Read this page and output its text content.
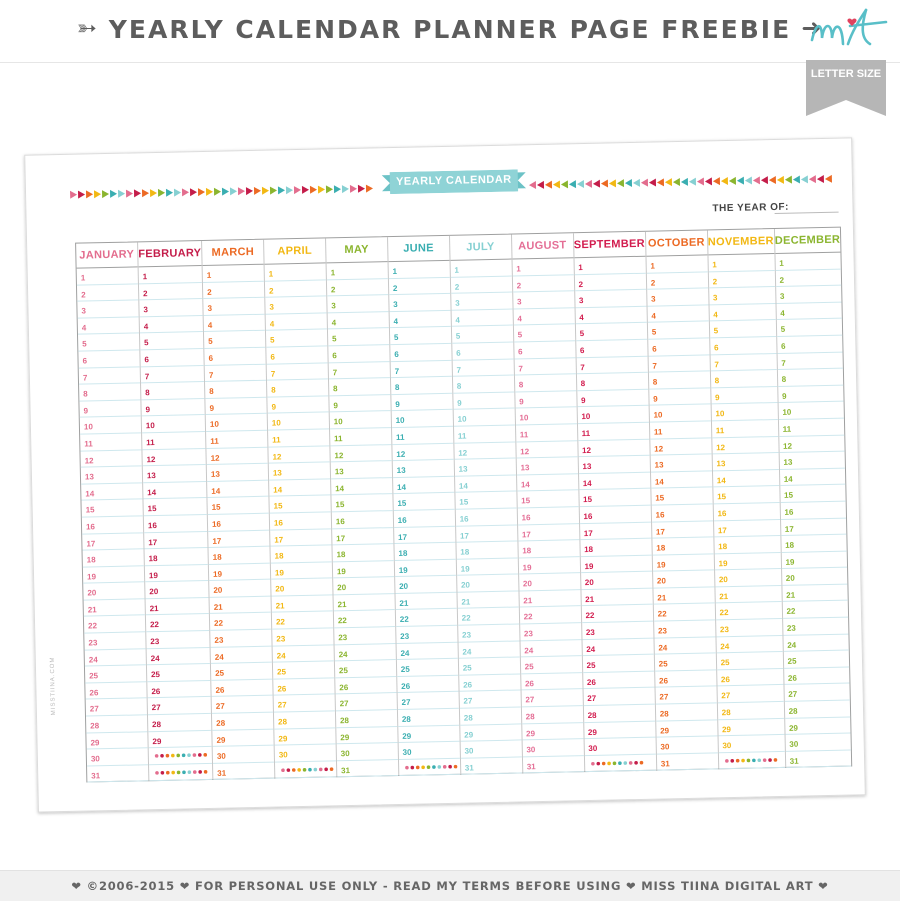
➳ YEARLY CALENDAR PLANNER PAGE FREEBIE ➜
LETTER SIZE
YEARLY CALENDAR
THE YEAR OF:
MISSTIINA.COM
JANUARY
1
2
3
4
5
6
7
8
9
10
11
12
13
14
15
16
17
18
19
20
21
22
23
24
25
26
27
28
29
30
31
FEBRUARY
1
2
3
4
5
6
7
8
9
10
11
12
13
14
15
16
17
18
19
20
21
22
23
24
25
26
27
28
29
MARCH
1
2
3
4
5
6
7
8
9
10
11
12
13
14
15
16
17
18
19
20
21
22
23
24
25
26
27
28
29
30
31
APRIL
1
2
3
4
5
6
7
8
9
10
11
12
13
14
15
16
17
18
19
20
21
22
23
24
25
26
27
28
29
30
MAY
1
2
3
4
5
6
7
8
9
10
11
12
13
14
15
16
17
18
19
20
21
22
23
24
25
26
27
28
29
30
31
JUNE
1
2
3
4
5
6
7
8
9
10
11
12
13
14
15
16
17
18
19
20
21
22
23
24
25
26
27
28
29
30
JULY
1
2
3
4
5
6
7
8
9
10
11
12
13
14
15
16
17
18
19
20
21
22
23
24
25
26
27
28
29
30
31
AUGUST
1
2
3
4
5
6
7
8
9
10
11
12
13
14
15
16
17
18
19
20
21
22
23
24
25
26
27
28
29
30
31
SEPTEMBER
1
2
3
4
5
6
7
8
9
10
11
12
13
14
15
16
17
18
19
20
21
22
23
24
25
26
27
28
29
30
OCTOBER
1
2
3
4
5
6
7
8
9
10
11
12
13
14
15
16
17
18
19
20
21
22
23
24
25
26
27
28
29
30
31
NOVEMBER
1
2
3
4
5
6
7
8
9
10
11
12
13
14
15
16
17
18
19
20
21
22
23
24
25
26
27
28
29
30
DECEMBER
1
2
3
4
5
6
7
8
9
10
11
12
13
14
15
16
17
18
19
20
21
22
23
24
25
26
27
28
29
30
31
❤ ©2006-2015 ❤ FOR PERSONAL USE ONLY - READ MY TERMS BEFORE USING ❤ MISS TIINA DIGITAL ART ❤
